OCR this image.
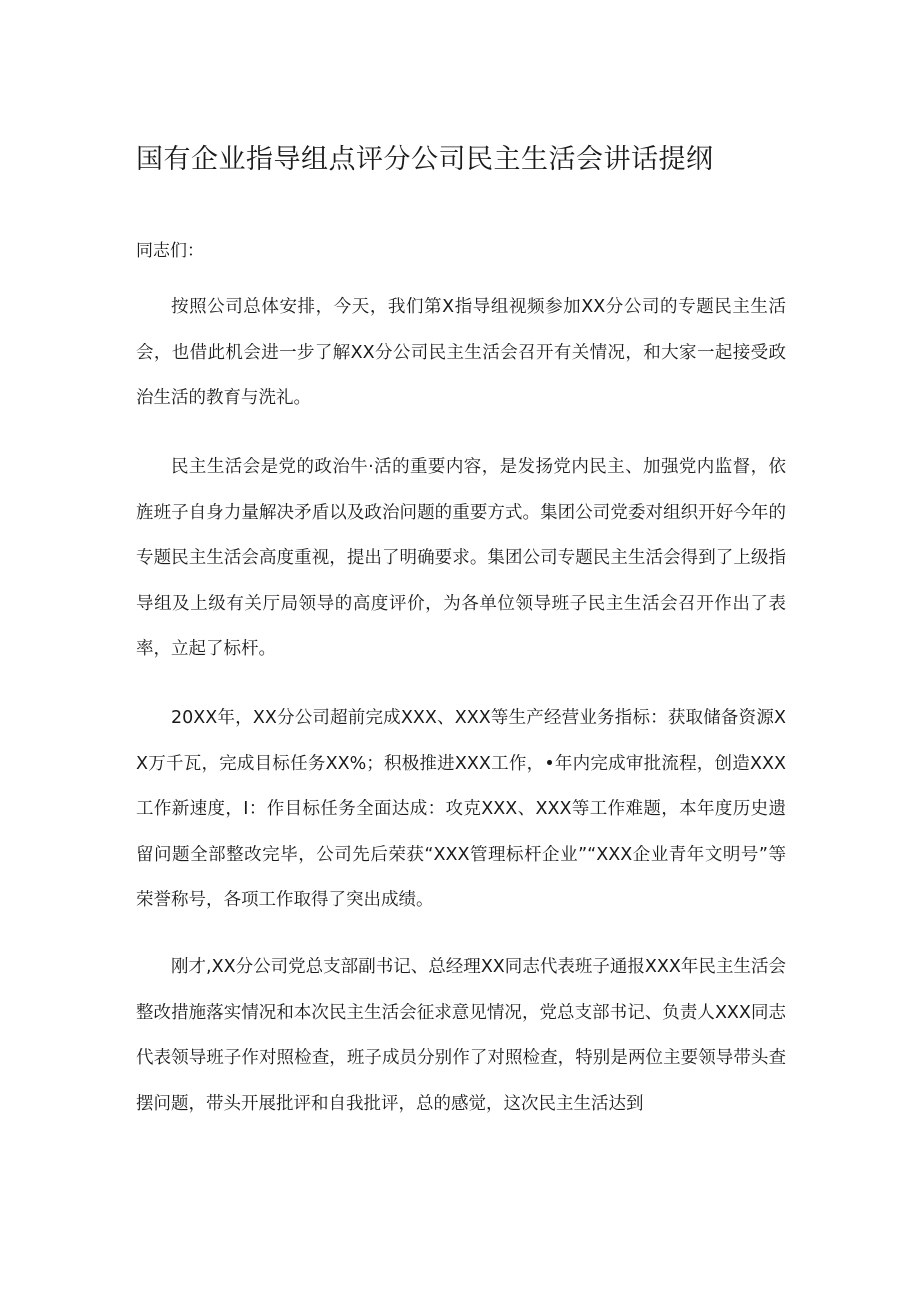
国有企业指导组点评分公司民主生活会讲话提纲

同志们：

按照公司总体安排，今天，我们第X指导组视频参加XX分公司的专题民主生活会，也借此机会进一步了解XX分公司民主生活会召开有关情况，和大家一起接受政治生活的教育与洗礼。

民主生活会是党的政治牛·活的重要内容，是发扬党内民主、加强党内监督，依旌班子自身力量解决矛盾以及政治问题的重要方式。集团公司党委对组织开好今年的专题民主生活会高度重视，提出了明确要求。集团公司专题民主生活会得到了上级指导组及上级有关厅局领导的高度评价，为各单位领导班子民主生活会召开作出了表率，立起了标杆。

20XX年，XX分公司超前完成XXX、XXX等生产经营业务指标：获取储备资源XX万千瓦，完成目标任务XX%；积极推进XXX工作，•年内完成审批流程，创造XXX工作新速度，I：作目标任务全面达成：攻克XXX、XXX等工作难题，本年度历史遗留问题全部整改完毕，公司先后荣获“XXX管理标杆企业”“XXX企业青年文明号”等荣誉称号，各项工作取得了突出成绩。

刚才,XX分公司党总支部副书记、总经理XX同志代表班子通报XXX年民主生活会整改措施落实情况和本次民主生活会征求意见情况，党总支部书记、负责人XXX同志代表领导班子作对照检查，班子成员分别作了对照检查，特别是两位主要领导带头查摆问题，带头开展批评和自我批评，总的感觉，这次民主生活达到
